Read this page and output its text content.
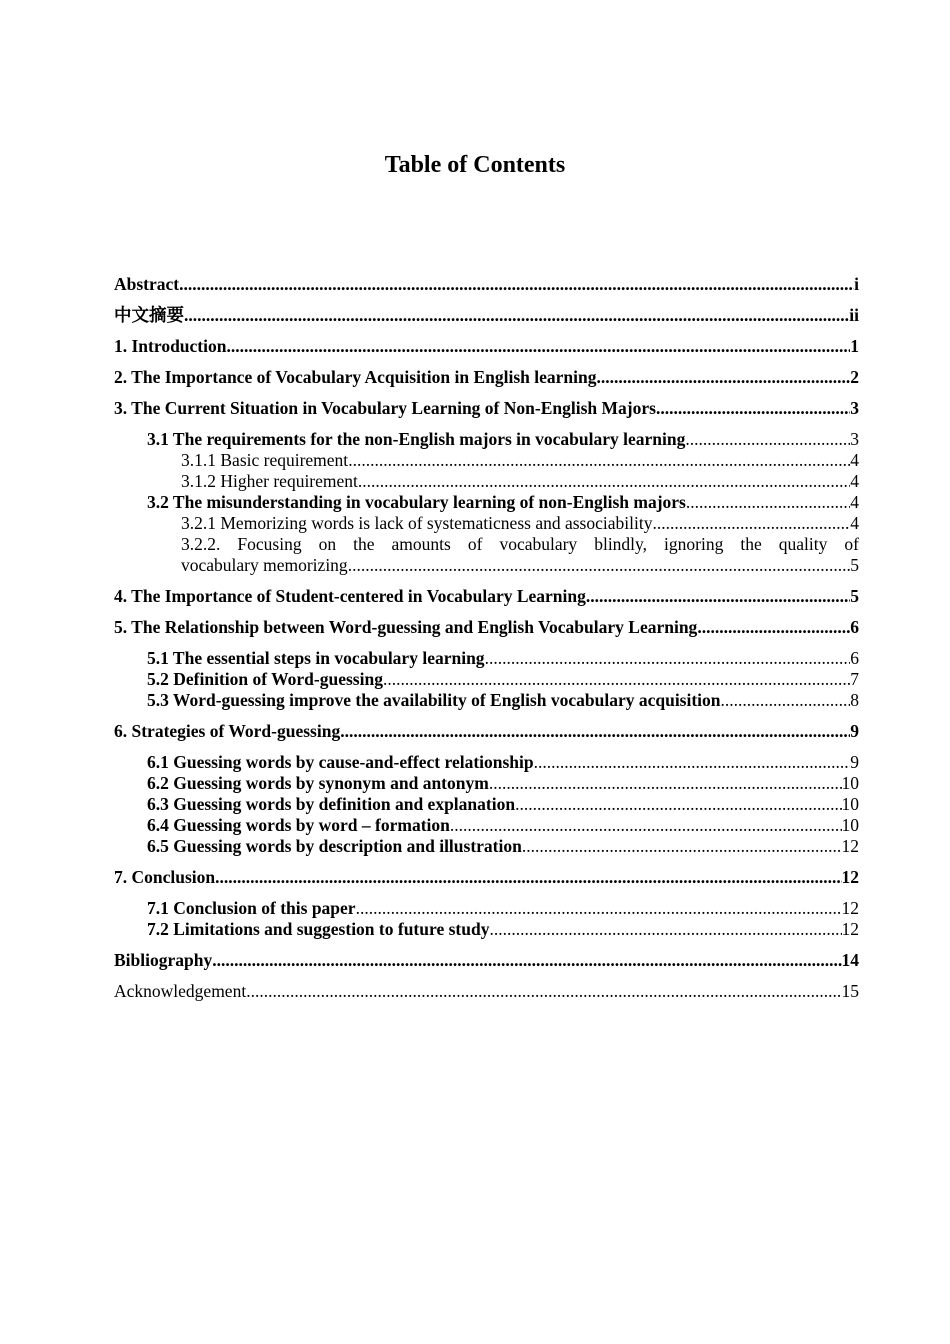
Table of Contents
Abstract .....	i
中文摘要 .....	ii
1. Introduction .....	1
2. The Importance of Vocabulary Acquisition in English learning .....	2
3. The Current Situation in Vocabulary Learning of Non-English Majors .....	3
3.1 The requirements for the non-English majors in vocabulary learning .....	3
3.1.1 Basic requirement .....	4
3.1.2 Higher requirement .....	4
3.2 The misunderstanding in vocabulary learning of non-English majors .....	4
3.2.1 Memorizing words is lack of systematicness and associability .....	4
3.2.2. Focusing on the amounts of vocabulary blindly, ignoring the quality of
vocabulary memorizing .....	5
4. The Importance of Student-centered in Vocabulary Learning .....	5
5. The Relationship between Word-guessing and English Vocabulary Learning .....	6
5.1 The essential steps in vocabulary learning .....	6
5.2 Definition of Word-guessing .....	7
5.3 Word-guessing improve the availability of English vocabulary acquisition .....	8
6. Strategies of Word-guessing .....	9
6.1 Guessing words by cause-and-effect relationship .....	9
6.2 Guessing words by synonym and antonym .....	10
6.3 Guessing words by definition and explanation .....	10
6.4 Guessing words by word – formation .....	10
6.5 Guessing words by description and illustration .....	12
7. Conclusion .....	12
7.1 Conclusion of this paper .....	12
7.2 Limitations and suggestion to future study .....	12
Bibliography .....	14
Acknowledgement .....	15
